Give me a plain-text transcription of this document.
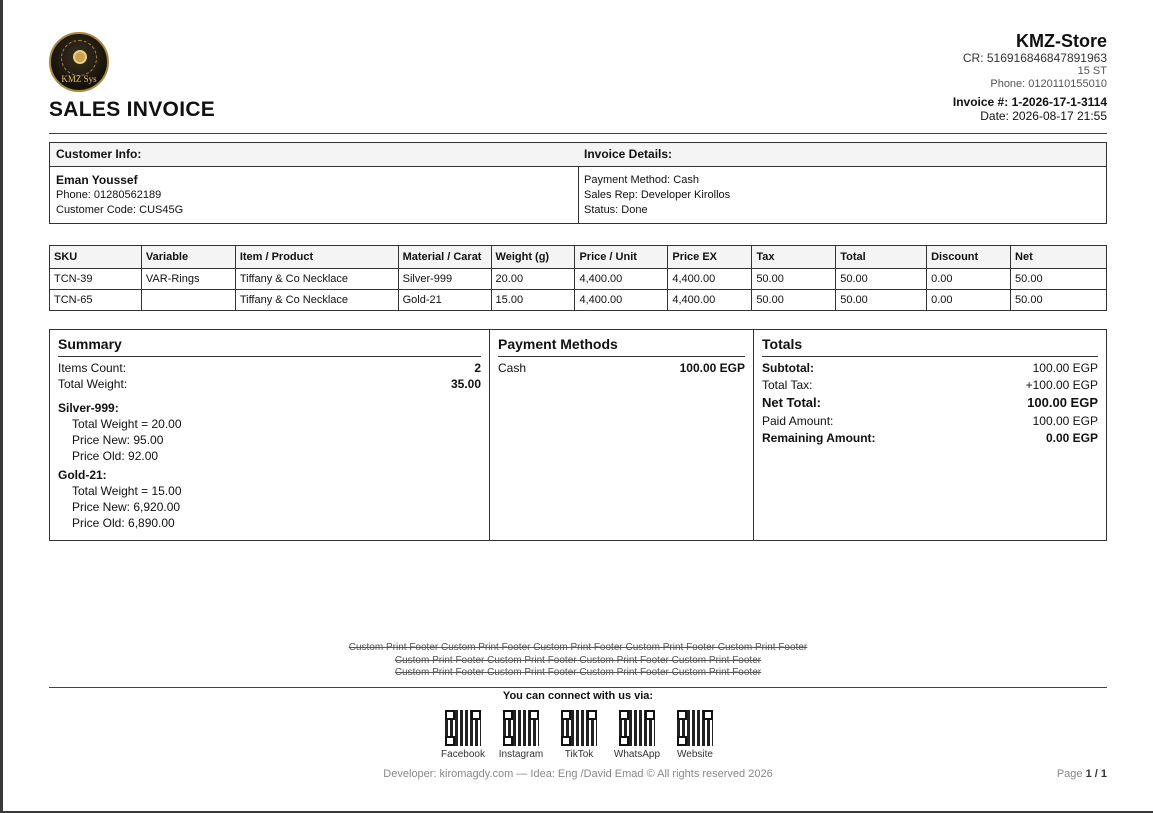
KMZ Sys
SALES INVOICE
KMZ-Store
CR: 516916846847891963
15 ST
Phone: 0120110155010
Invoice #: 1-2026-17-1-3114
Date: 2026-08-17 21:55
Customer Info:
Eman Youssef
Phone: 01280562189
Customer Code: CUS45G
Invoice Details:
Payment Method: Cash
Sales Rep: Developer Kirollos
Status: Done
SKU	Variable	Item / Product	Material / Carat	Weight (g)	Price / Unit	Price EX	Tax	Total	Discount	Net
TCN-39	VAR-Rings	Tiffany & Co Necklace	Silver-999	20.00	4,400.00	4,400.00	50.00	50.00	0.00	50.00
TCN-65		Tiffany & Co Necklace	Gold-21	15.00	4,400.00	4,400.00	50.00	50.00	0.00	50.00
Summary
Items Count:	2
Total Weight:	35.00
Silver-999:
Total Weight = 20.00
Price New: 95.00
Price Old: 92.00
Gold-21:
Total Weight = 15.00
Price New: 6,920.00
Price Old: 6,890.00
Payment Methods
Cash	100.00 EGP
Totals
Subtotal:	100.00 EGP
Total Tax:	+100.00 EGP
Net Total:	100.00 EGP
Paid Amount:	100.00 EGP
Remaining Amount:	0.00 EGP
Custom Print Footer Custom Print Footer Custom Print Footer Custom Print Footer Custom Print Footer
Custom Print Footer Custom Print Footer Custom Print Footer Custom Print Footer
Custom Print Footer Custom Print Footer Custom Print Footer Custom Print Footer
You can connect with us via:
Facebook	Instagram	TikTok	WhatsApp	Website
Developer: kiromagdy.com — Idea: Eng /David Emad © All rights reserved 2026	Page 1 / 1
